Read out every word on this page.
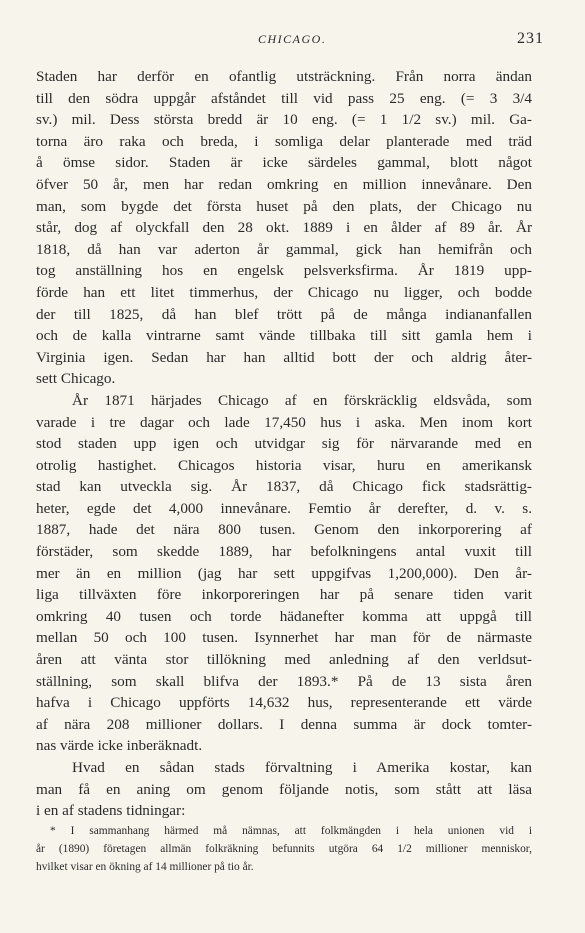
CHICAGO.	231
Staden har derför en ofantlig utsträckning. Från norra ändan
till den södra uppgår afståndet till vid pass 25 eng. (= 3 3/4
sv.) mil. Dess största bredd är 10 eng. (= 1 1/2 sv.) mil. Ga-
torna äro raka och breda, i somliga delar planterade med träd
å ömse sidor. Staden är icke särdeles gammal, blott något
öfver 50 år, men har redan omkring en million innevånare. Den
man, som bygde det första huset på den plats, der Chicago nu
står, dog af olyckfall den 28 okt. 1889 i en ålder af 89 år. År
1818, då han var aderton år gammal, gick han hemifrån och
tog anställning hos en engelsk pelsverksfirma. År 1819 upp-
förde han ett litet timmerhus, der Chicago nu ligger, och bodde
der till 1825, då han blef trött på de många indiananfallen
och de kalla vintrarne samt vände tillbaka till sitt gamla hem i
Virginia igen. Sedan har han alltid bott der och aldrig åter-
sett Chicago.
År 1871 härjades Chicago af en förskräcklig eldsvåda, som
varade i tre dagar och lade 17,450 hus i aska. Men inom kort
stod staden upp igen och utvidgar sig för närvarande med en
otrolig hastighet. Chicagos historia visar, huru en amerikansk
stad kan utveckla sig. År 1837, då Chicago fick stadsrättig-
heter, egde det 4,000 innevånare. Femtio år derefter, d. v. s.
1887, hade det nära 800 tusen. Genom den inkorporering af
förstäder, som skedde 1889, har befolkningens antal vuxit till
mer än en million (jag har sett uppgifvas 1,200,000). Den år-
liga tillväxten före inkorporeringen har på senare tiden varit
omkring 40 tusen och torde hädanefter komma att uppgå till
mellan 50 och 100 tusen. Isynnerhet har man för de närmaste
åren att vänta stor tillökning med anledning af den verldsut-
ställning, som skall blifva der 1893.* På de 13 sista åren
hafva i Chicago uppförts 14,632 hus, representerande ett värde
af nära 208 millioner dollars. I denna summa är dock tomter-
nas värde icke inberäknadt.
Hvad en sådan stads förvaltning i Amerika kostar, kan
man få en aning om genom följande notis, som stått att läsa
i en af stadens tidningar:
* I sammanhang härmed må nämnas, att folkmängden i hela unionen vid i
år (1890) företagen allmän folkräkning befunnits utgöra 64 1/2 millioner menniskor,
hvilket visar en ökning af 14 millioner på tio år.
